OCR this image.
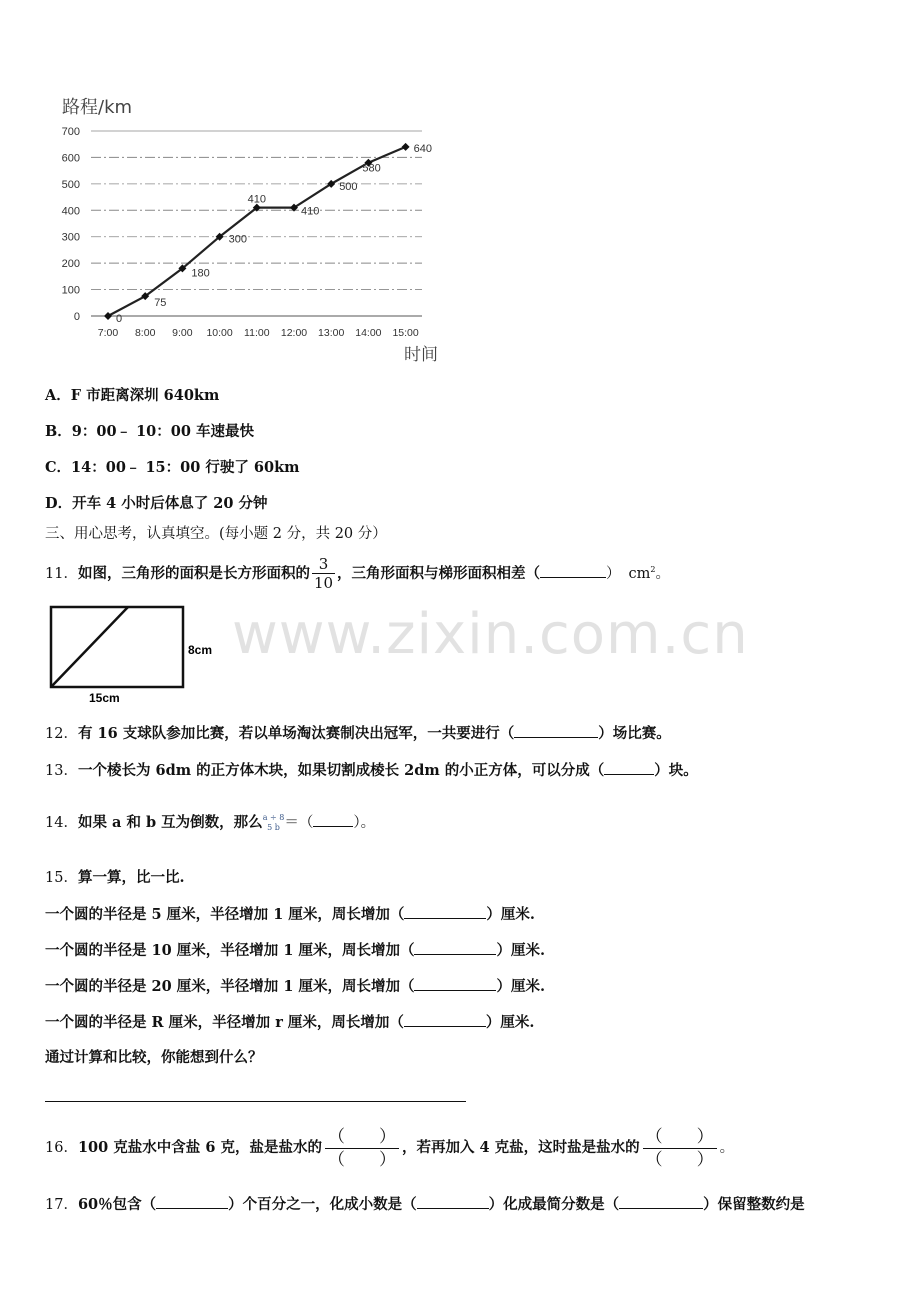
路程/km
700
600
500
400
300
200
100
0
7:00 8:00 9:00 10:00 11:00 12:00 13:00 14:00 15:00
0
75
180
300
410
410
500
580
640
时间
A．F 市距离深圳 640km
B．9：00﹣ 10：00 车速最快
C．14：00﹣ 15：00 行驶了 60km
D．开车 4 小时后体息了 20 分钟
三、用心思考，认真填空。(每小题 2 分，共 20 分）
11．如图，三角形的面积是长方形面积的 $\frac{3}{10}$ ，三角形面积与梯形面积相差（	） $cm^2$。
8cm
15cm
www.zixin.com.cn
12．有 16 支球队参加比赛，若以单场淘汰赛制决出冠军，一共要进行（	）场比赛。
13．一个棱长为 6dm 的正方体木块，如果切割成棱长 2dm 的小正方体，可以分成（	）块。
14．如果 a 和 b 互为倒数，那么 a ÷ 8
5 b ＝（	）。
15．算一算，比一比.
一个圆的半径是 5 厘米，半径增加 1 厘米，周长增加（	）厘米.
一个圆的半径是 10 厘米，半径增加 1 厘米，周长增加（	）厘米.
一个圆的半径是 20 厘米，半径增加 1 厘米，周长增加（	）厘米.
一个圆的半径是 R 厘米，半径增加 r 厘米，周长增加（	）厘米.
通过计算和比较，你能想到什么？
16．100 克盐水中含盐 6 克，盐是盐水的
（　　）
（　　）
，若再加入 4 克盐，这时盐是盐水的
（　　）
（　　）
。
17．60％包含（	）个百分之一，化成小数是（	）化成最简分数是（	）保留整数约是
